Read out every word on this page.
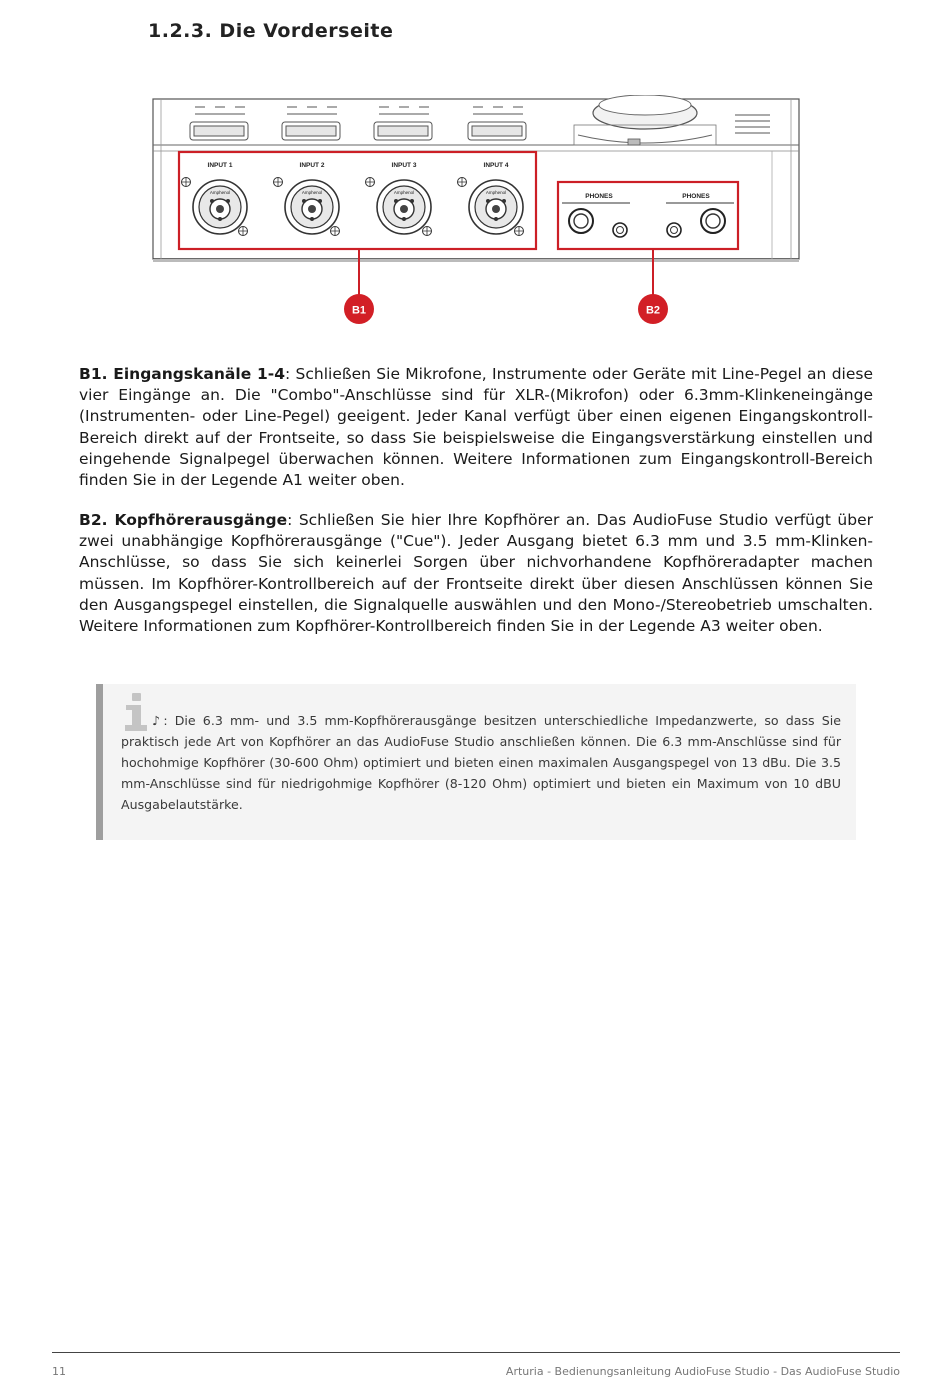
1.2.3. Die Vorderseite
INPUT 1	INPUT 2	INPUT 3	INPUT 4
Amphenol	Amphenol	Amphenol	Amphenol
PHONES	PHONES
B1	B2

B1. Eingangskanäle 1-4: Schließen Sie Mikrofone, Instrumente oder Geräte mit Line-Pegel an diese vier Eingänge an. Die "Combo"-Anschlüsse sind für XLR-(Mikrofon) oder 6.3mm-Klinkeneingänge (Instrumenten- oder Line-Pegel) geeigent. Jeder Kanal verfügt über einen eigenen Eingangskontroll-Bereich direkt auf der Frontseite, so dass Sie beispielsweise die Eingangsverstärkung einstellen und eingehende Signalpegel überwachen können. Weitere Informationen zum Eingangskontroll-Bereich finden Sie in der Legende A1 weiter oben.

B2. Kopfhörerausgänge: Schließen Sie hier Ihre Kopfhörer an. Das AudioFuse Studio verfügt über zwei unabhängige Kopfhörerausgänge ("Cue"). Jeder Ausgang bietet 6.3 mm und 3.5 mm-Klinken-Anschlüsse, so dass Sie sich keinerlei Sorgen über nichvorhandene Kopfhöreradapter machen müssen. Im Kopfhörer-Kontrollbereich auf der Frontseite direkt über diesen Anschlüssen können Sie den Ausgangspegel einstellen, die Signalquelle auswählen und den Mono-/Stereobetrieb umschalten. Weitere Informationen zum Kopfhörer-Kontrollbereich finden Sie in der Legende A3 weiter oben.

♪: Die 6.3 mm- und 3.5 mm-Kopfhörerausgänge besitzen unterschiedliche Impedanzwerte, so dass Sie praktisch jede Art von Kopfhörer an das AudioFuse Studio anschließen können. Die 6.3 mm-Anschlüsse sind für hochohmige Kopfhörer (30-600 Ohm) optimiert und bieten einen maximalen Ausgangspegel von 13 dBu. Die 3.5 mm-Anschlüsse sind für niedrigohmige Kopfhörer (8-120 Ohm) optimiert und bieten ein Maximum von 10 dBU Ausgabelautstärke.

11	Arturia - Bedienungsanleitung AudioFuse Studio - Das AudioFuse Studio
